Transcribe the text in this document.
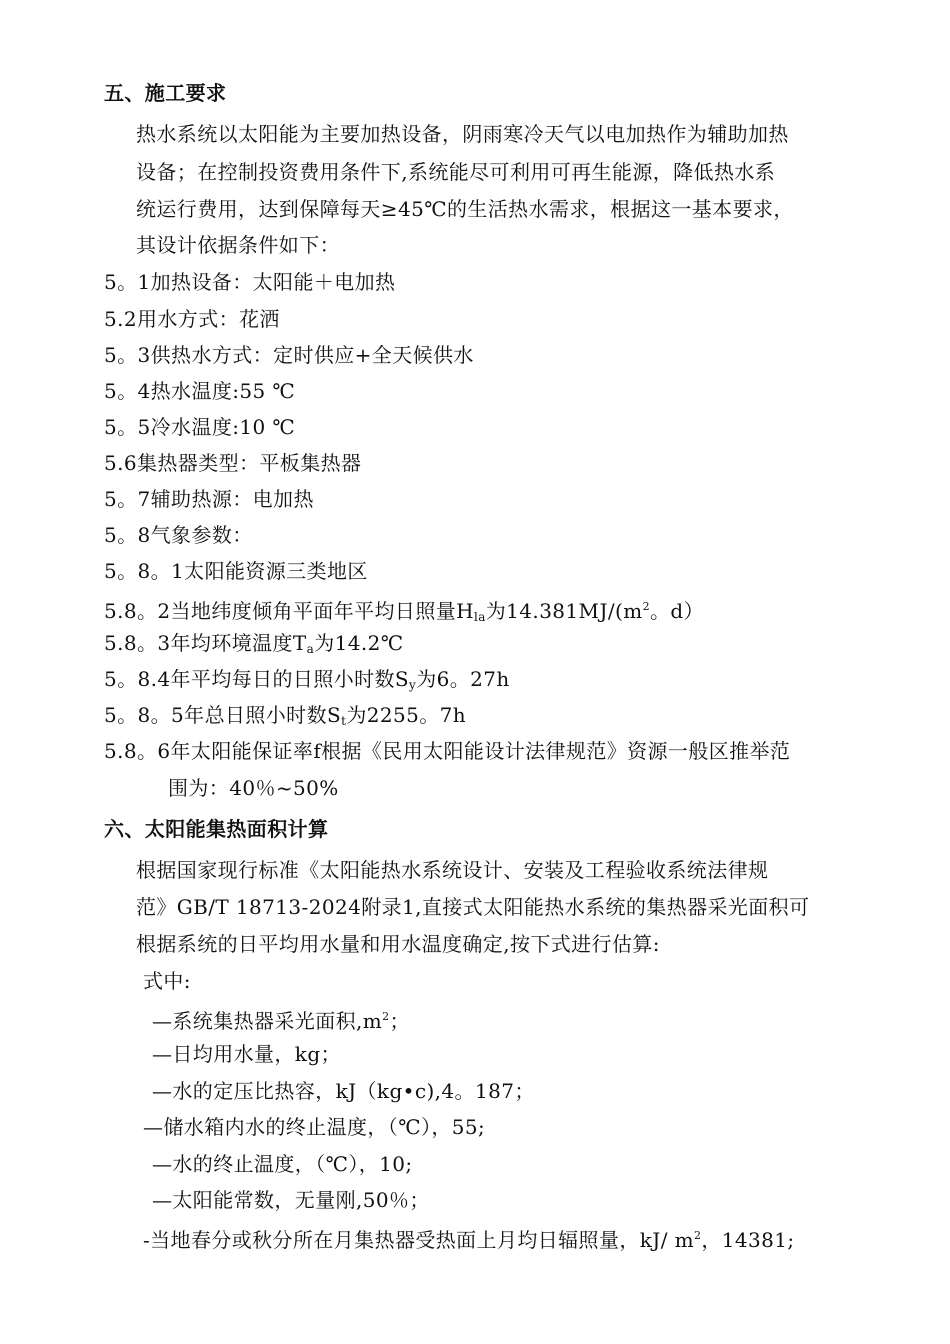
五、施工要求
热水系统以太阳能为主要加热设备，阴雨寒冷天气以电加热作为辅助加热
设备；在控制投资费用条件下,系统能尽可利用可再生能源，降低热水系
统运行费用，达到保障每天≥45℃的生活热水需求，根据这一基本要求，
其设计依据条件如下：
5。1加热设备：太阳能＋电加热
5.2用水方式：花洒
5。3供热水方式：定时供应+全天候供水
5。4热水温度:55 ℃
5。5冷水温度:10 ℃
5.6集热器类型：平板集热器
5。7辅助热源：电加热
5。8气象参数：
5。8。1太阳能资源三类地区
5.8。2当地纬度倾角平面年平均日照量$H_{la}$为$14.381MJ/(m^2$。d）
5.8。3年均环境温度$T_a$为14.2℃
5。8.4年平均每日的日照小时数$S_y$为6。27h
5。8。5年总日照小时数$S_t$为2255。7h
5.8。6年太阳能保证率f根据《民用太阳能设计法律规范》资源一般区推举范
围为：40％~50%
六、太阳能集热面积计算
根据国家现行标准《太阳能热水系统设计、安装及工程验收系统法律规
范》GB/T 18713-2024附录1,直接式太阳能热水系统的集热器采光面积可
根据系统的日平均用水量和用水温度确定,按下式进行估算:
式中:
—系统集热器采光面积$,m^2$；
—日均用水量，kg；
—水的定压比热容，kJ（kg•c),4。187；
—储水箱内水的终止温度，（℃），55;
—水的终止温度，（℃），10;
—太阳能常数，无量刚,50％；
-当地春分或秋分所在月集热器受热面上月均日辐照量，kJ/ $m^2$，14381;
